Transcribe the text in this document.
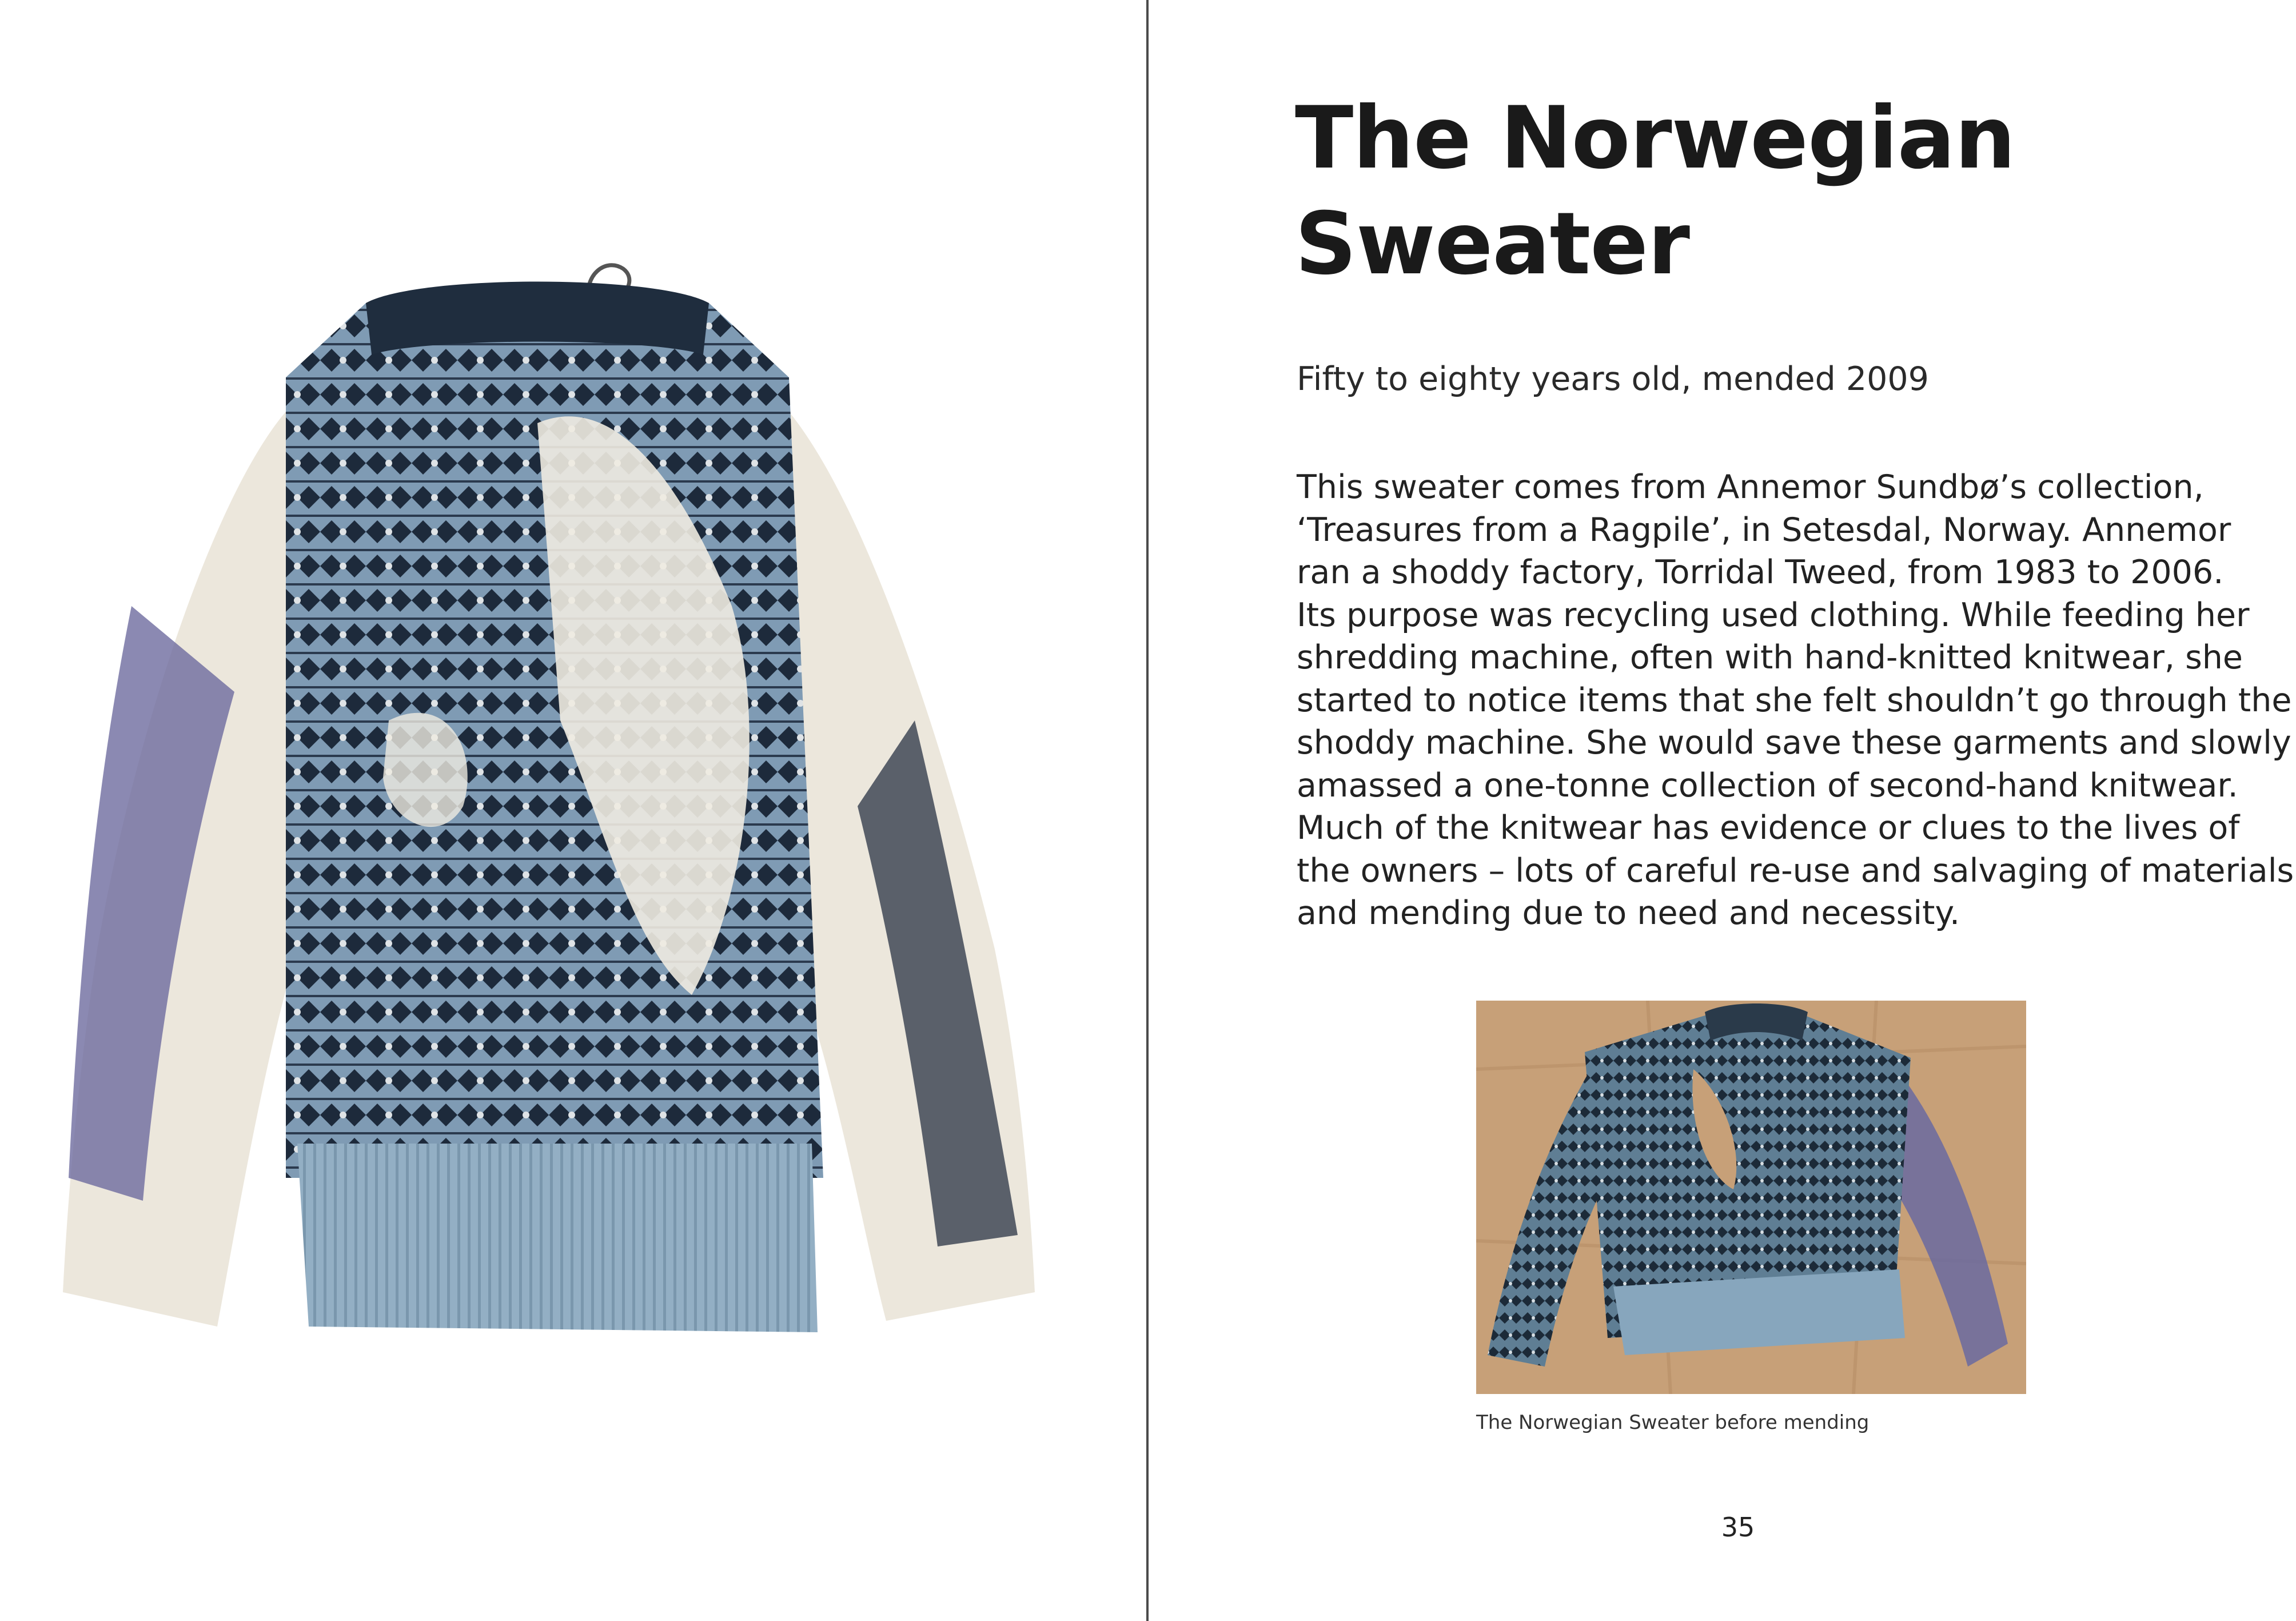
The Norwegian
Sweater
Fifty to eighty years old, mended 2009
This sweater comes from Annemor Sundbø’s collection,
‘Treasures from a Ragpile’, in Setesdal, Norway. Annemor
ran a shoddy factory, Torridal Tweed, from 1983 to 2006.
Its purpose was recycling used clothing. While feeding her
shredding machine, often with hand-knitted knitwear, she
started to notice items that she felt shouldn’t go through the
shoddy machine. She would save these garments and slowly
amassed a one-tonne collection of second-hand knitwear.
Much of the knitwear has evidence or clues to the lives of
the owners – lots of careful re-use and salvaging of materials
and mending due to need and necessity.
The Norwegian Sweater before mending
35
